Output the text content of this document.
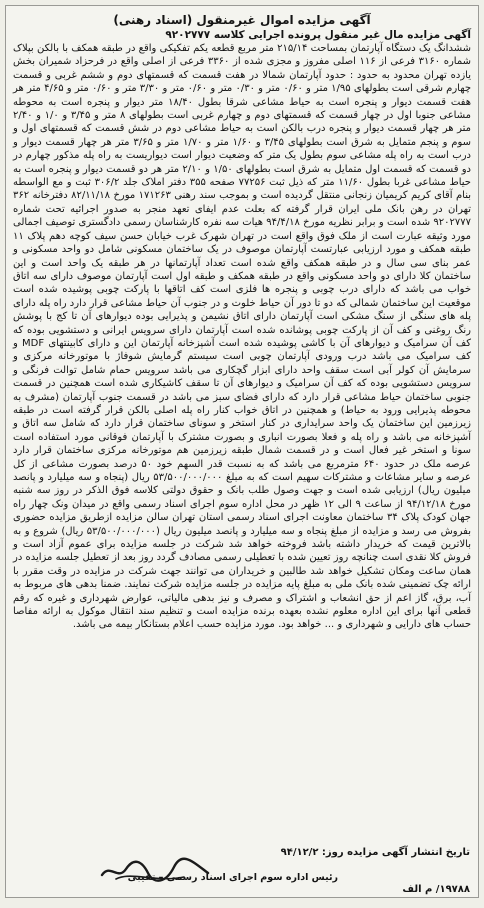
آگهی مزایده اموال غیرمنقول (اسناد رهنی)
آگهی مزایده مال غیر منقول پرونده اجرایی کلاسه ۹۲۰۲۷۷۷

ششدانگ یک دستگاه آپارتمان بمساحت ۲۱۵/۱۴ متر مربع قطعه یکم تفکیکی واقع در طبقه همکف با بالکن بپلاک شماره ۳۱۶۰ فرعی از ۱۱۶ اصلی مفروز و مجزی شده از ۳۳۶۰ فرعی از اصلی واقع در فرحزاد شمیران بخش یازده تهران محدود به حدود : حدود آپارتمان شمالا در هفت قسمت که قسمتهای دوم و ششم غربی و قسمت چهارم شرقی است بطولهای ۱/۹۵ متر و ۰/۶۰ متر و ۰/۳۰ متر و ۰/۶۰ متر و ۳/۳۰ متر و ۰/۶۰ متر و ۴/۶۵ متر هر هفت قسمت دیوار و پنجره است به حیاط مشاعی شرقا بطول ۱۸/۴۰ متر دیوار و پنجره است به محوطه مشاعی جنوبا اول در چهار قسمت که قسمتهای دوم و چهارم غربی است بطولهای ۸ متر و ۳/۴۵ و ۱/۰ و ۲/۴۰ متر هر چهار قسمت دیوار و پنجره درب بالکن است به حیاط مشاعی دوم در شش قسمت که قسمتهای اول و سوم و پنجم متمایل به شرق است بطولهای ۳/۴۵ و ۱/۶۰ متر و ۱/۷۰ متر و ۳/۶۵ متر هر چهار قسمت دیوار و درب است به راه پله مشاعی سوم بطول یک متر که وضعیت دیوار است دیواریست به راه پله مذکور چهارم در دو قسمت که قسمت اول متمایل به شرق است بطولهای ۱/۵۰ و ۲/۱۰ متر هر دو قسمت دیوار و پنجره است به حیاط مشاعی غربا بطول ۱۱/۶۰ متر که ذیل ثبت ۷۷۲۵۶ صفحه ۳۵۵ دفتر املاک جلد ۳۰۶/۲ ثبت و مع الواسطه بنام آقای کریم کریمیان زنجانی منتقل گردیده است و بموجب سند رهنی ۱۷۱۲۶۳ مورخ ۸۲/۱۱/۱۸ دفترخانه ۳۶۲ تهران در رهن بانک ملی ایران قرار گرفته که بعلت عدم ایفای تعهد منجر به صدور اجرائیه تحت شماره ۹۲۰۲۷۷۷ شده است و برابر نظریه مورخ ۹۴/۴/۱۸ هیات سه نفره کارشناسان رسمی دادگستری توصیف اجمالی مورد وثیقه عبارت است از ملک فوق واقع است در تهران شهرک غرب خیابان حسن سیف کوچه دهم پلاک ۱۱ طبقه همکف و مورد ارزیابی عبارتست آپارتمان موصوف در یک ساختمان مسکونی شامل دو واحد مسکونی و عمر بنای سی سال و در طبقه همکف واقع شده است تعداد آپارتمانها در هر طبقه یک واحد است و این ساختمان کلا دارای دو واحد مسکونی واقع در طبقه همکف و طبقه اول است آپارتمان موصوف دارای سه اتاق خواب می باشد که دارای درب چوبی و پنجره ها فلزی است کف اتاقها با پارکت چوبی پوشیده شده است موقعیت این ساختمان شمالی که دو تا دور آن حیاط خلوت و در جنوب آن حیاط مشاعی قرار دارد راه پله دارای پله های سنگی از سنگ مشکی است آپارتمان دارای اتاق نشیمن و پذیرایی بوده دیوارهای آن تا کج با پوشش رنگ روغنی و کف آن از پارکت چوبی پوشانده شده است آپارتمان دارای سرویس ایرانی و دستشویی بوده که کف آن سرامیک و دیوارهای آن با کاشی پوشیده شده است آشپزخانه آپارتمان این و دارای کابینتهای MDF و کف سرامیک می باشد درب ورودی آپارتمان چوبی است سیستم گرمایش شوفاژ با موتورخانه مرکزی و سرمایش آن کولر آبی است سقف واحد دارای ابزار گچکاری می باشد سرویس حمام شامل توالت فرنگی و سرویس دستشویی بوده که کف آن سرامیک و دیوارهای آن تا سقف کاشیکاری شده است همچنین در قسمت جنوبی ساختمان حیاط مشاعی قرار دارد که دارای فضای سبز می باشد در قسمت جنوب آپارتمان (مشرف به محوطه پذیرایی ورود به حیاط) و همچنین در اتاق خواب کنار راه پله اصلی بالکن قرار گرفته است در طبقه زیرزمین این ساختمان یک واحد سرایداری در کنار استخر و سونای ساختمان قرار دارد که شامل سه اتاق و آشپزخانه می باشد و راه پله و فعلا بصورت انباری و بصورت مشترک با آپارتمان فوقانی مورد استفاده است سونا و استخر غیر فعال است و در قسمت شمال طبقه زیرزمین هم موتورخانه مرکزی ساختمان قرار دارد عرصه ملک در حدود ۶۴۰ مترمربع می باشد که به نسبت قدر السهم خود ۵۰ درصد بصورت مشاعی از کل عرصه و سایر مشاعات و مشترکات سهیم است که به مبلغ ۵۳/۵۰۰/۰۰۰/۰۰۰ ریال (پنجاه و سه میلیارد و پانصد میلیون ریال) ارزیابی شده است و جهت وصول طلب بانک و حقوق دولتی کلاسه فوق الذکر در روز سه شنبه مورخ ۹۴/۱۲/۱۸ از ساعت ۹ الی ۱۲ ظهر در محل اداره سوم اجرای اسناد رسمی واقع در میدان ونک چهار راه جهان کودک پلاک ۳۴ ساختمان معاونت اجرای اسناد رسمی استان تهران سالن مزایده ازطریق مزایده حضوری بفروش می رسد و مزایده از مبلغ پنجاه و سه میلیارد و پانصد میلیون ریال (۵۳/۵۰۰/۰۰۰/۰۰۰ ریال) شروع و به بالاترین قیمت که خریدار داشته باشد فروخته خواهد شد شرکت در جلسه مزایده برای عموم آزاد است و فروش کلا نقدی است چنانچه روز تعیین شده با تعطیلی رسمی مصادف گردد روز بعد از تعطیل جلسه مزایده در همان ساعت ومکان تشکیل خواهد شد طالبین و خریداران می توانند جهت شرکت در مزایده در وقت مقرر با ارائه چک تضمینی شده بانک ملی به مبلغ پایه مزایده در جلسه مزایده شرکت نمایند. ضمنا بدهی های مربوط به آب، برق، گاز اعم از حق انشعاب و اشتراک و مصرف و نیز بدهی مالیاتی، عوارض شهرداری و غیره که رقم قطعی آنها برای این اداره معلوم نشده بعهده برنده مزایده است و تنظیم سند انتقال موکول به ارائه مفاصا حساب های دارایی و شهرداری و ... خواهد بود. مورد مزایده حسب اعلام بستانکار بیمه می باشد.

تاریخ انتشار آگهی مزایده روز: ۹۴/۱۲/۲
رئیس اداره سوم اجرای اسناد رسمی – تقیبی
۱۹۷۸۸/ م الف
